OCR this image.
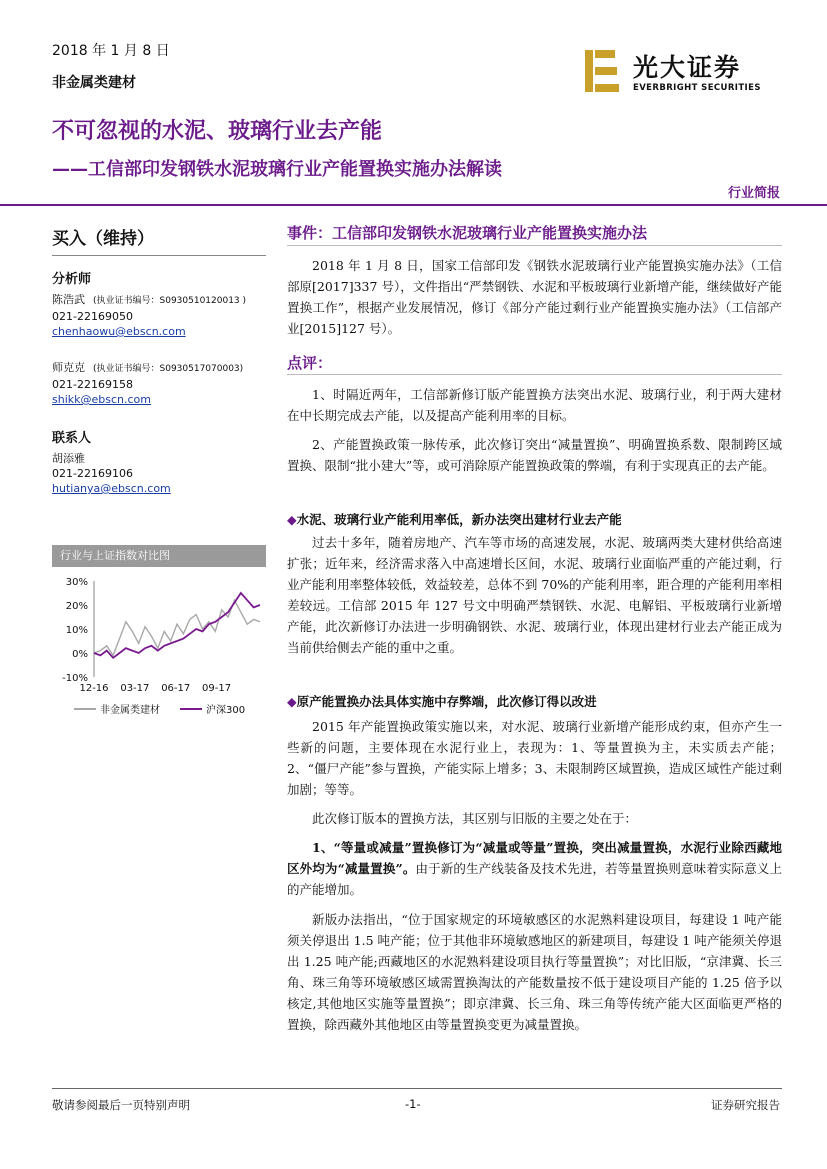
2018 年 1 月 8 日
非金属类建材
光大证券
EVERBRIGHT SECURITIES
不可忽视的水泥、玻璃行业去产能
——工信部印发钢铁水泥玻璃行业产能置换实施办法解读
行业简报
买入（维持）
分析师
陈浩武 (执业证书编号：S0930510120013 )
021-22169050
chenhaowu@ebscn.com
师克克 (执业证书编号：S0930517070003)
021-22169158
shikk@ebscn.com
联系人
胡添雅
021-22169106
hutianya@ebscn.com
行业与上证指数对比图
30%
20%
10%
0%
-10%
12-16 03-17 06-17 09-17
非金属类建材	沪深300
事件：工信部印发钢铁水泥玻璃行业产能置换实施办法
2018 年 1 月 8 日，国家工信部印发《钢铁水泥玻璃行业产能置换实施办法》（工信部原[2017]337 号），文件指出“严禁钢铁、水泥和平板玻璃行业新增产能，继续做好产能置换工作”，根据产业发展情况，修订《部分产能过剩行业产能置换实施办法》（工信部产业[2015]127 号）。
点评：
1、时隔近两年，工信部新修订版产能置换方法突出水泥、玻璃行业，利于两大建材在中长期完成去产能，以及提高产能利用率的目标。
2、产能置换政策一脉传承，此次修订突出“减量置换”、明确置换系数、限制跨区域置换、限制“批小建大”等，或可消除原产能置换政策的弊端，有利于实现真正的去产能。
◆水泥、玻璃行业产能利用率低，新办法突出建材行业去产能
过去十多年，随着房地产、汽车等市场的高速发展，水泥、玻璃两类大建材供给高速扩张；近年来，经济需求落入中高速增长区间，水泥、玻璃行业面临严重的产能过剩，行业产能利用率整体较低，效益较差，总体不到 70%的产能利用率，距合理的产能利用率相差较远。工信部 2015 年 127 号文中明确严禁钢铁、水泥、电解铝、平板玻璃行业新增产能，此次新修订办法进一步明确钢铁、水泥、玻璃行业，体现出建材行业去产能正成为当前供给侧去产能的重中之重。
◆原产能置换办法具体实施中存弊端，此次修订得以改进
2015 年产能置换政策实施以来，对水泥、玻璃行业新增产能形成约束，但亦产生一些新的问题，主要体现在水泥行业上，表现为：1、等量置换为主，未实质去产能；2、“僵尸产能”参与置换，产能实际上增多；3、未限制跨区域置换，造成区域性产能过剩加剧；等等。
此次修订版本的置换方法，其区别与旧版的主要之处在于：
1、“等量或减量”置换修订为“减量或等量”置换，突出减量置换，水泥行业除西藏地区外均为“减量置换”。由于新的生产线装备及技术先进，若等量置换则意味着实际意义上的产能增加。
新版办法指出，“位于国家规定的环境敏感区的水泥熟料建设项目，每建设 1 吨产能须关停退出 1.5 吨产能；位于其他非环境敏感地区的新建项目，每建设 1 吨产能须关停退出 1.25 吨产能;西藏地区的水泥熟料建设项目执行等量置换”；对比旧版，“京津冀、长三角、珠三角等环境敏感区域需置换淘汰的产能数量按不低于建设项目产能的 1.25 倍予以核定,其他地区实施等量置换”；即京津冀、长三角、珠三角等传统产能大区面临更严格的置换，除西藏外其他地区由等量置换变更为减量置换。
敬请参阅最后一页特别声明	-1-	证券研究报告
